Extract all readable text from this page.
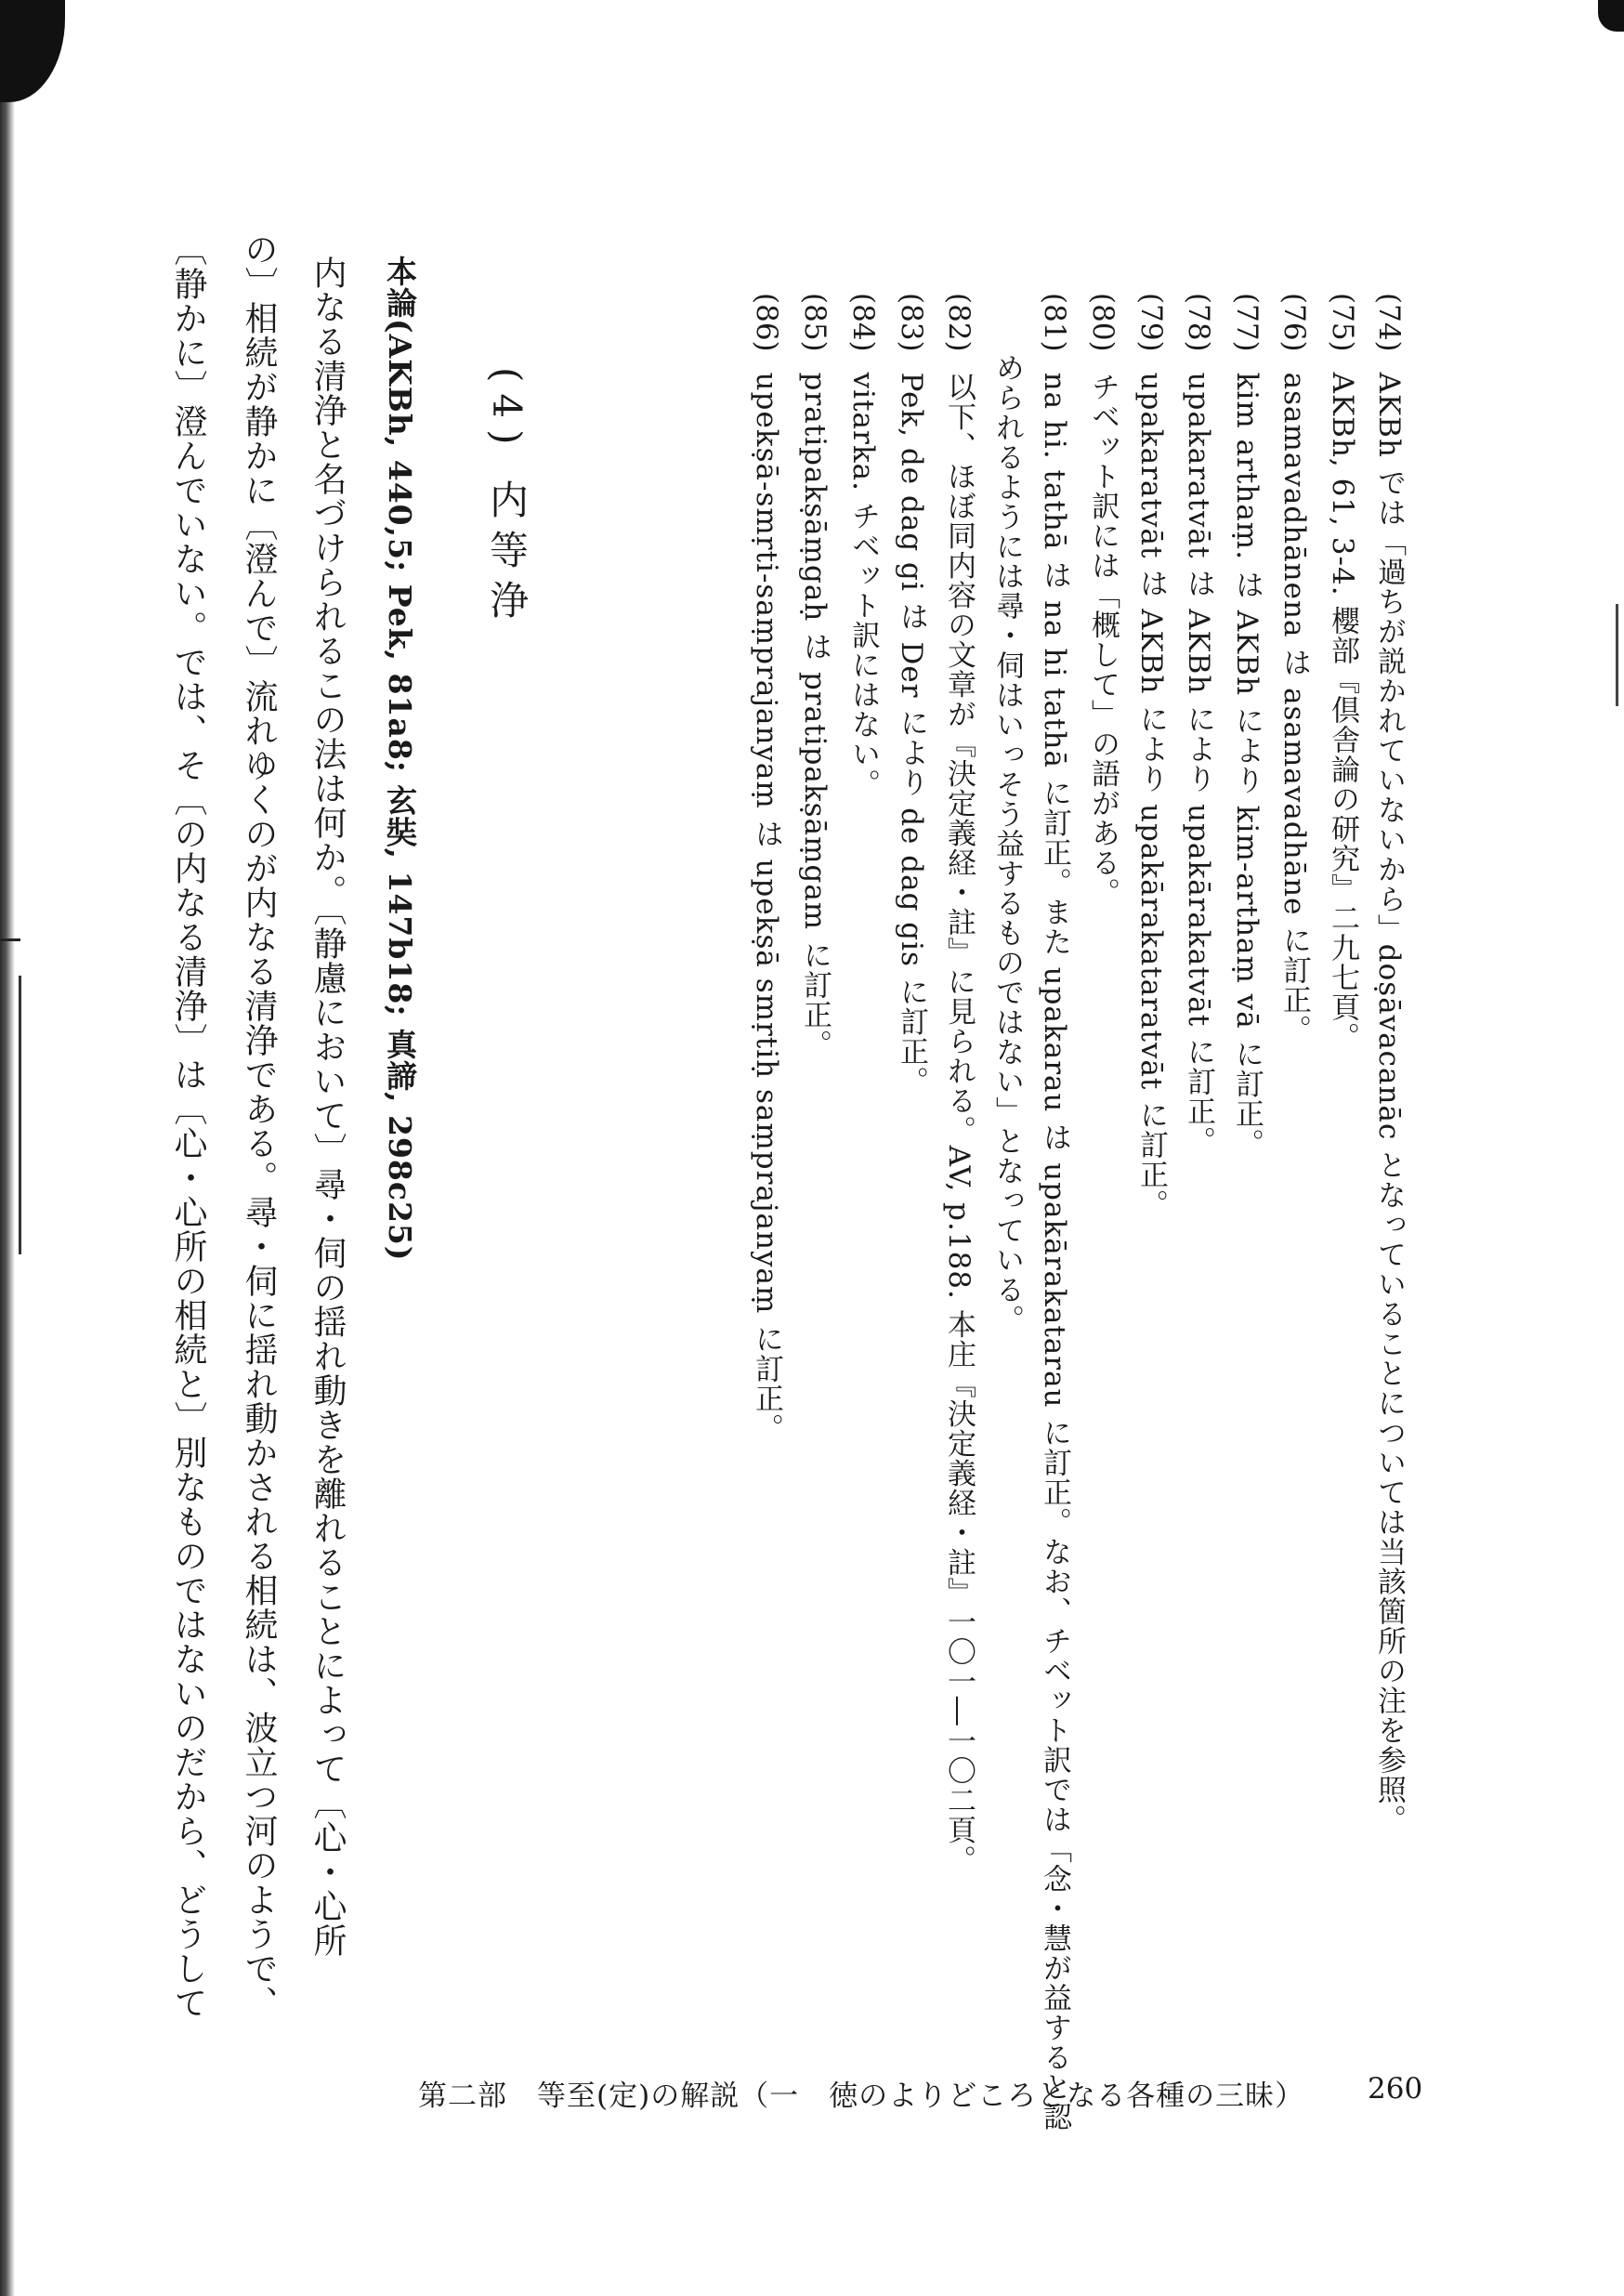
(74)AKBh では「過ちが説かれていないから」doṣāvacanāc となっていることについては当該箇所の注を参照。
(75)AKBh, 61, 3-4. 櫻部『倶舎論の研究』二九七頁。
(76)asamavadhānena は asamavadhāne に訂正。
(77)kim arthaṃ. は AKBh により kim-arthaṃ vā に訂正。
(78)upakaratvāt は AKBh により upakārakatvāt に訂正。
(79)upakaratvāt は AKBh により upakārakataratvāt に訂正。
(80)チベット訳には「概して」の語がある。
(81)na hi. tathā は na hi tathā に訂正。また upakarau は upakārakatarau に訂正。なお、チベット訳では「念・慧が益すると認
められるようには尋・伺はいっそう益するものではない」となっている。
(82)以下、ほぼ同内容の文章が『決定義経・註』に見られる。AV, p.188. 本庄『決定義経・註』一〇一―一〇二頁。
(83)Pek, de dag gi は Der により de dag gis に訂正。
(84)vitarka. チベット訳にはない。
(85)pratipakṣāṃgaḥ は pratipakṣāṃgam に訂正。
(86)upekṣā-smṛti-saṃprajanyaṃ は upekṣā smṛtiḥ saṃprajanyaṃ に訂正。
(4) 内等浄
本論(AKBh, 440,5; Pek, 81a8; 玄奘, 147b18; 真諦, 298c25)
内なる清浄と名づけられるこの法は何か。〔静慮において〕尋・伺の揺れ動きを離れることによって〔心・心所
の〕相続が静かに〔澄んで〕流れゆくのが内なる清浄である。尋・伺に揺れ動かされる相続は、波立つ河のようで、
〔静かに〕澄んでいない。では、そ〔の内なる清浄〕は〔心・心所の相続と〕別なものではないのだから、どうして
第二部　等至(定)の解説（一　徳のよりどころとなる各種の三昧） 260
